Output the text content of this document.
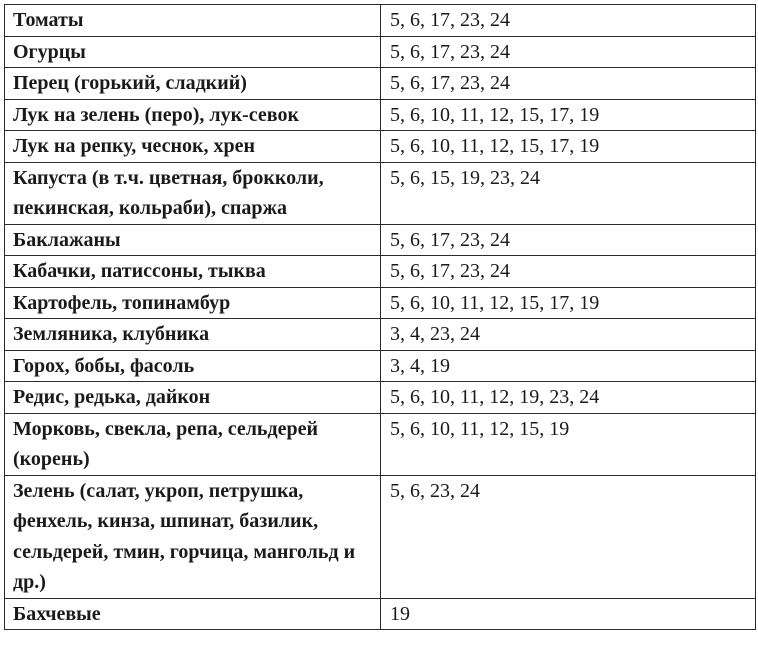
Томаты	5, 6, 17, 23, 24
Огурцы	5, 6, 17, 23, 24
Перец (горький, сладкий)	5, 6, 17, 23, 24
Лук на зелень (перо), лук-севок	5, 6, 10, 11, 12, 15, 17, 19
Лук на репку, чеснок, хрен	5, 6, 10, 11, 12, 15, 17, 19
Капуста (в т.ч. цветная, брокколи, пекинская, кольраби), спаржа	5, 6, 15, 19, 23, 24
Баклажаны	5, 6, 17, 23, 24
Кабачки, патиссоны, тыква	5, 6, 17, 23, 24
Картофель, топинамбур	5, 6, 10, 11, 12, 15, 17, 19
Земляника, клубника	3, 4, 23, 24
Горох, бобы, фасоль	3, 4, 19
Редис, редька, дайкон	5, 6, 10, 11, 12, 19, 23, 24
Морковь, свекла, репа, сельдерей (корень)	5, 6, 10, 11, 12, 15, 19
Зелень (салат, укроп, петрушка, фенхель, кинза, шпинат, базилик, сельдерей, тмин, горчица, мангольд и др.)	5, 6, 23, 24
Бахчевые	19
